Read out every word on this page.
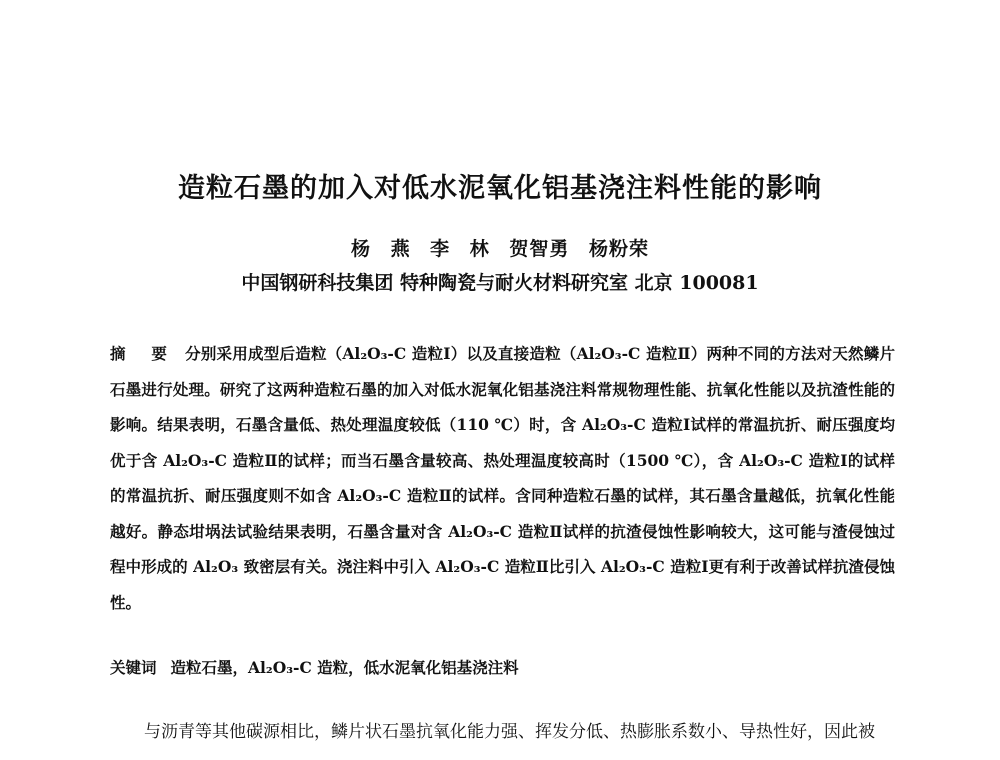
造粒石墨的加入对低水泥氧化铝基浇注料性能的影响
杨 燕 李 林 贺智勇 杨粉荣
中国钢研科技集团 特种陶瓷与耐火材料研究室 北京 100081
摘 要 分别采用成型后造粒（Al₂O₃-C 造粒Ⅰ）以及直接造粒（Al₂O₃-C 造粒Ⅱ）两种不同的方法对天然鳞片石墨进行处理。研究了这两种造粒石墨的加入对低水泥氧化铝基浇注料常规物理性能、抗氧化性能以及抗渣性能的影响。结果表明，石墨含量低、热处理温度较低（110 ℃）时，含 Al₂O₃-C 造粒Ⅰ试样的常温抗折、耐压强度均优于含 Al₂O₃-C 造粒Ⅱ的试样；而当石墨含量较高、热处理温度较高时（1500 ℃），含 Al₂O₃-C 造粒Ⅰ的试样的常温抗折、耐压强度则不如含 Al₂O₃-C 造粒Ⅱ的试样。含同种造粒石墨的试样，其石墨含量越低，抗氧化性能越好。静态坩埚法试验结果表明，石墨含量对含 Al₂O₃-C 造粒Ⅱ试样的抗渣侵蚀性影响较大，这可能与渣侵蚀过程中形成的 Al₂O₃ 致密层有关。浇注料中引入 Al₂O₃-C 造粒Ⅱ比引入 Al₂O₃-C 造粒Ⅰ更有利于改善试样抗渣侵蚀性。
关键词 造粒石墨，Al₂O₃-C 造粒，低水泥氧化铝基浇注料
与沥青等其他碳源相比，鳞片状石墨抗氧化能力强、挥发分低、热膨胀系数小、导热性好，因此被
